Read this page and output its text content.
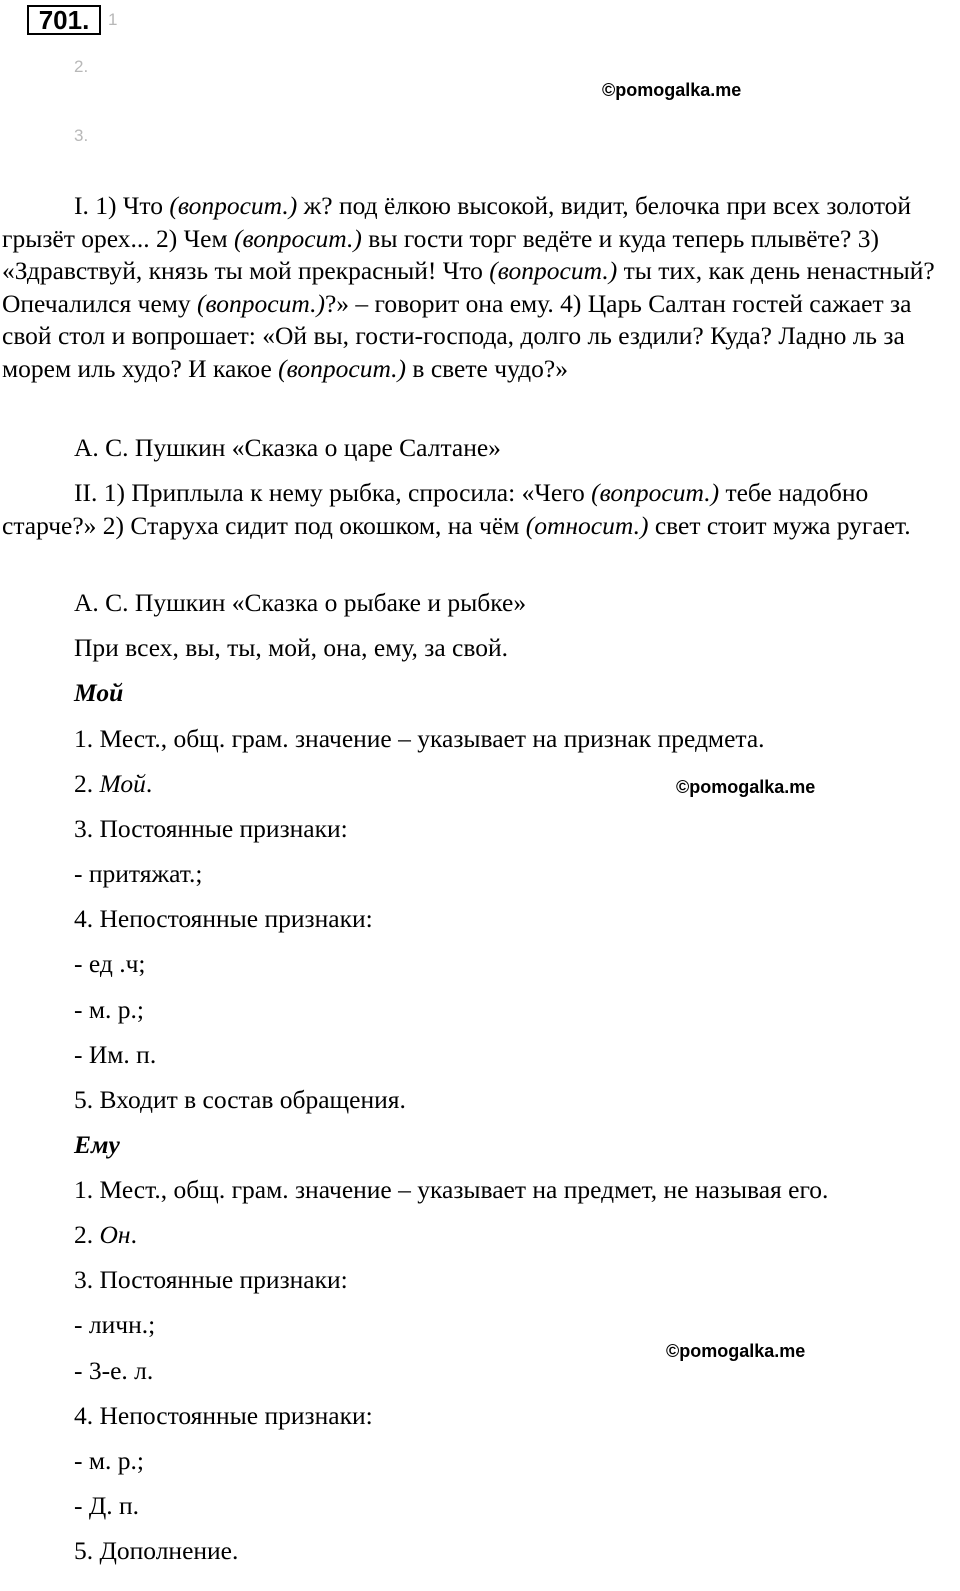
701.	1
2.
3.
©pomogalka.me
©pomogalka.me
©pomogalka.me

I. 1) Что (вопросит.) ж? под ёлкою высокой, видит, белочка при всех золотой грызёт орех... 2) Чем (вопросит.) вы гости торг ведёте и куда теперь плывёте? 3) «Здравствуй, князь ты мой прекрасный! Что (вопросит.) ты тих, как день ненастный? Опечалился чему (вопросит.)?» – говорит она ему. 4) Царь Салтан гостей сажает за свой стол и вопрошает: «Ой вы, гости-господа, долго ль ездили? Куда? Ладно ль за морем иль худо? И какое (вопросит.) в свете чудо?»

А. С. Пушкин «Сказка о царе Салтане»

II. 1) Приплыла к нему рыбка, спросила: «Чего (вопросит.) тебе надобно старче?» 2) Старуха сидит под окошком, на чём (относит.) свет стоит мужа ругает.

А. С. Пушкин «Сказка о рыбаке и рыбке»

При всех, вы, ты, мой, она, ему, за свой.

Мой

1. Мест., общ. грам. значение – указывает на признак предмета.

2. Мой.

3. Постоянные признаки:

- притяжат.;

4. Непостоянные признаки:

- ед .ч;

- м. р.;

- Им. п.

5. Входит в состав обращения.

Ему

1. Мест., общ. грам. значение – указывает на предмет, не называя его.

2. Он.

3. Постоянные признаки:

- личн.;

- 3-е. л.

4. Непостоянные признаки:

- м. р.;

- Д. п.

5. Дополнение.
